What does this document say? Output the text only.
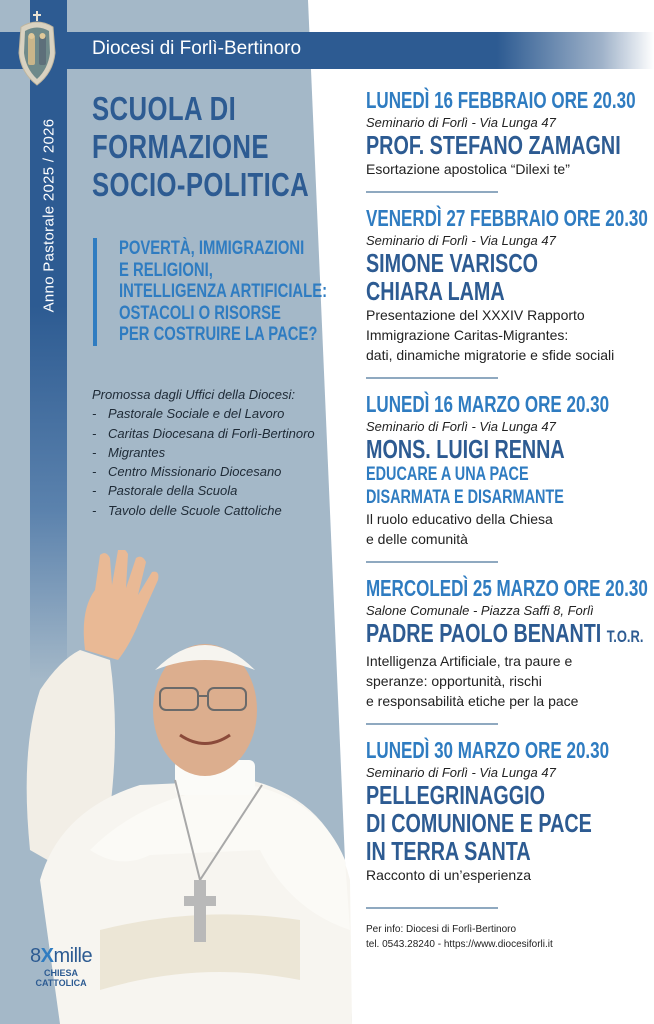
Anno Pastorale 2025 / 2026
Diocesi di Forlì-Bertinoro
SCUOLA DI
FORMAZIONE
SOCIO-POLITICA
POVERTÀ, IMMIGRAZIONI
E RELIGIONI,
INTELLIGENZA ARTIFICIALE:
OSTACOLI O RISORSE
PER COSTRUIRE LA PACE?
Promossa dagli Uffici della Diocesi:
- Pastorale Sociale e del Lavoro
- Caritas Diocesana di Forlì-Bertinoro
- Migrantes
- Centro Missionario Diocesano
- Pastorale della Scuola
- Tavolo delle Scuole Cattoliche
8Xmille
CHIESA
CATTOLICA
LUNEDÌ 16 FEBBRAIO ORE 20.30
Seminario di Forlì - Via Lunga 47
PROF. STEFANO ZAMAGNI
Esortazione apostolica “Dilexi te”
VENERDÌ 27 FEBBRAIO ORE 20.30
Seminario di Forlì - Via Lunga 47
SIMONE VARISCO
CHIARA LAMA
Presentazione del XXXIV Rapporto
Immigrazione Caritas-Migrantes:
dati, dinamiche migratorie e sfide sociali
LUNEDÌ 16 MARZO ORE 20.30
Seminario di Forlì - Via Lunga 47
MONS. LUIGI RENNA
EDUCARE A UNA PACE
DISARMATA E DISARMANTE
Il ruolo educativo della Chiesa
e delle comunità
MERCOLEDÌ 25 MARZO ORE 20.30
Salone Comunale - Piazza Saffi 8, Forlì
PADRE PAOLO BENANTI T.O.R.
Intelligenza Artificiale, tra paure e
speranze: opportunità, rischi
e responsabilità etiche per la pace
LUNEDÌ 30 MARZO ORE 20.30
Seminario di Forlì - Via Lunga 47
PELLEGRINAGGIO
DI COMUNIONE E PACE
IN TERRA SANTA
Racconto di un’esperienza
Per info: Diocesi di Forlì-Bertinoro
tel. 0543.28240 - https://www.diocesiforli.it
